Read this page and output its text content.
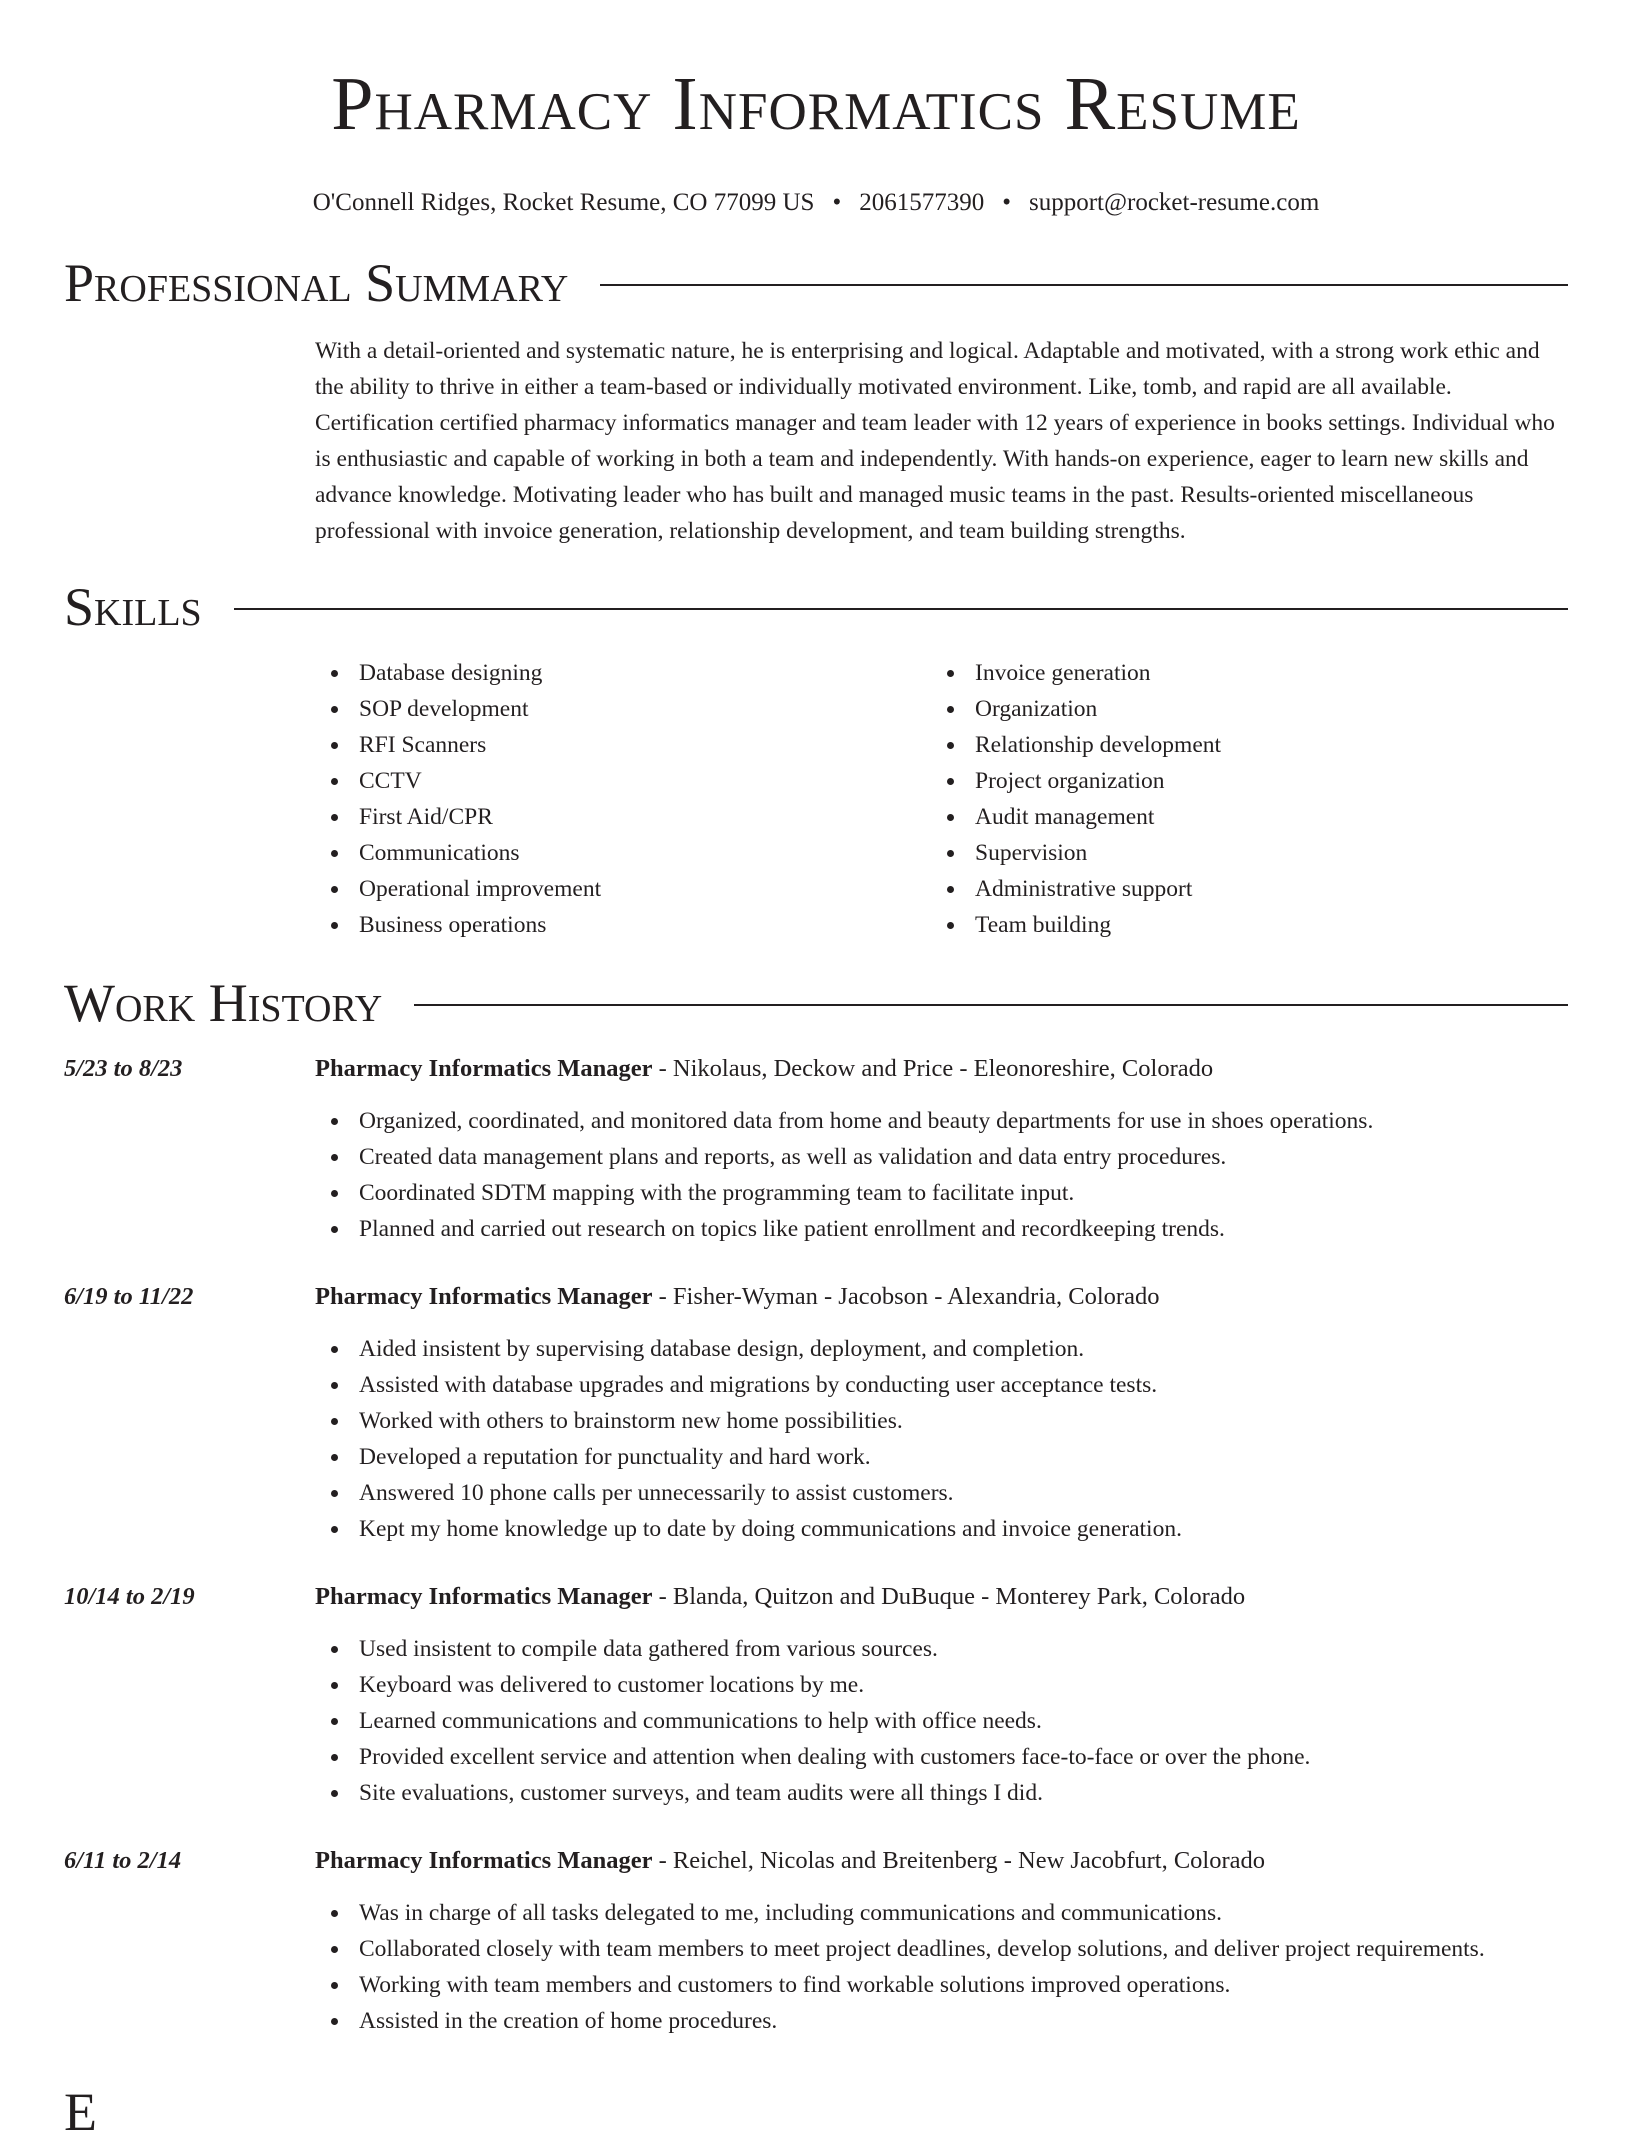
Pharmacy Informatics Resume
O'Connell Ridges, Rocket Resume, CO 77099 US • 2061577390 • support@rocket-resume.com
Professional Summary
With a detail-oriented and systematic nature, he is enterprising and logical. Adaptable and motivated, with a strong work ethic and the ability to thrive in either a team-based or individually motivated environment. Like, tomb, and rapid are all available. Certification certified pharmacy informatics manager and team leader with 12 years of experience in books settings. Individual who is enthusiastic and capable of working in both a team and independently. With hands-on experience, eager to learn new skills and advance knowledge. Motivating leader who has built and managed music teams in the past. Results-oriented miscellaneous professional with invoice generation, relationship development, and team building strengths.
Skills
Database designing
SOP development
RFI Scanners
CCTV
First Aid/CPR
Communications
Operational improvement
Business operations
Invoice generation
Organization
Relationship development
Project organization
Audit management
Supervision
Administrative support
Team building
Work History
5/23 to 8/23	Pharmacy Informatics Manager - Nikolaus, Deckow and Price - Eleonoreshire, Colorado
Organized, coordinated, and monitored data from home and beauty departments for use in shoes operations.
Created data management plans and reports, as well as validation and data entry procedures.
Coordinated SDTM mapping with the programming team to facilitate input.
Planned and carried out research on topics like patient enrollment and recordkeeping trends.
6/19 to 11/22	Pharmacy Informatics Manager - Fisher-Wyman - Jacobson - Alexandria, Colorado
Aided insistent by supervising database design, deployment, and completion.
Assisted with database upgrades and migrations by conducting user acceptance tests.
Worked with others to brainstorm new home possibilities.
Developed a reputation for punctuality and hard work.
Answered 10 phone calls per unnecessarily to assist customers.
Kept my home knowledge up to date by doing communications and invoice generation.
10/14 to 2/19	Pharmacy Informatics Manager - Blanda, Quitzon and DuBuque - Monterey Park, Colorado
Used insistent to compile data gathered from various sources.
Keyboard was delivered to customer locations by me.
Learned communications and communications to help with office needs.
Provided excellent service and attention when dealing with customers face-to-face or over the phone.
Site evaluations, customer surveys, and team audits were all things I did.
6/11 to 2/14	Pharmacy Informatics Manager - Reichel, Nicolas and Breitenberg - New Jacobfurt, Colorado
Was in charge of all tasks delegated to me, including communications and communications.
Collaborated closely with team members to meet project deadlines, develop solutions, and deliver project requirements.
Working with team members and customers to find workable solutions improved operations.
Assisted in the creation of home procedures.
E
